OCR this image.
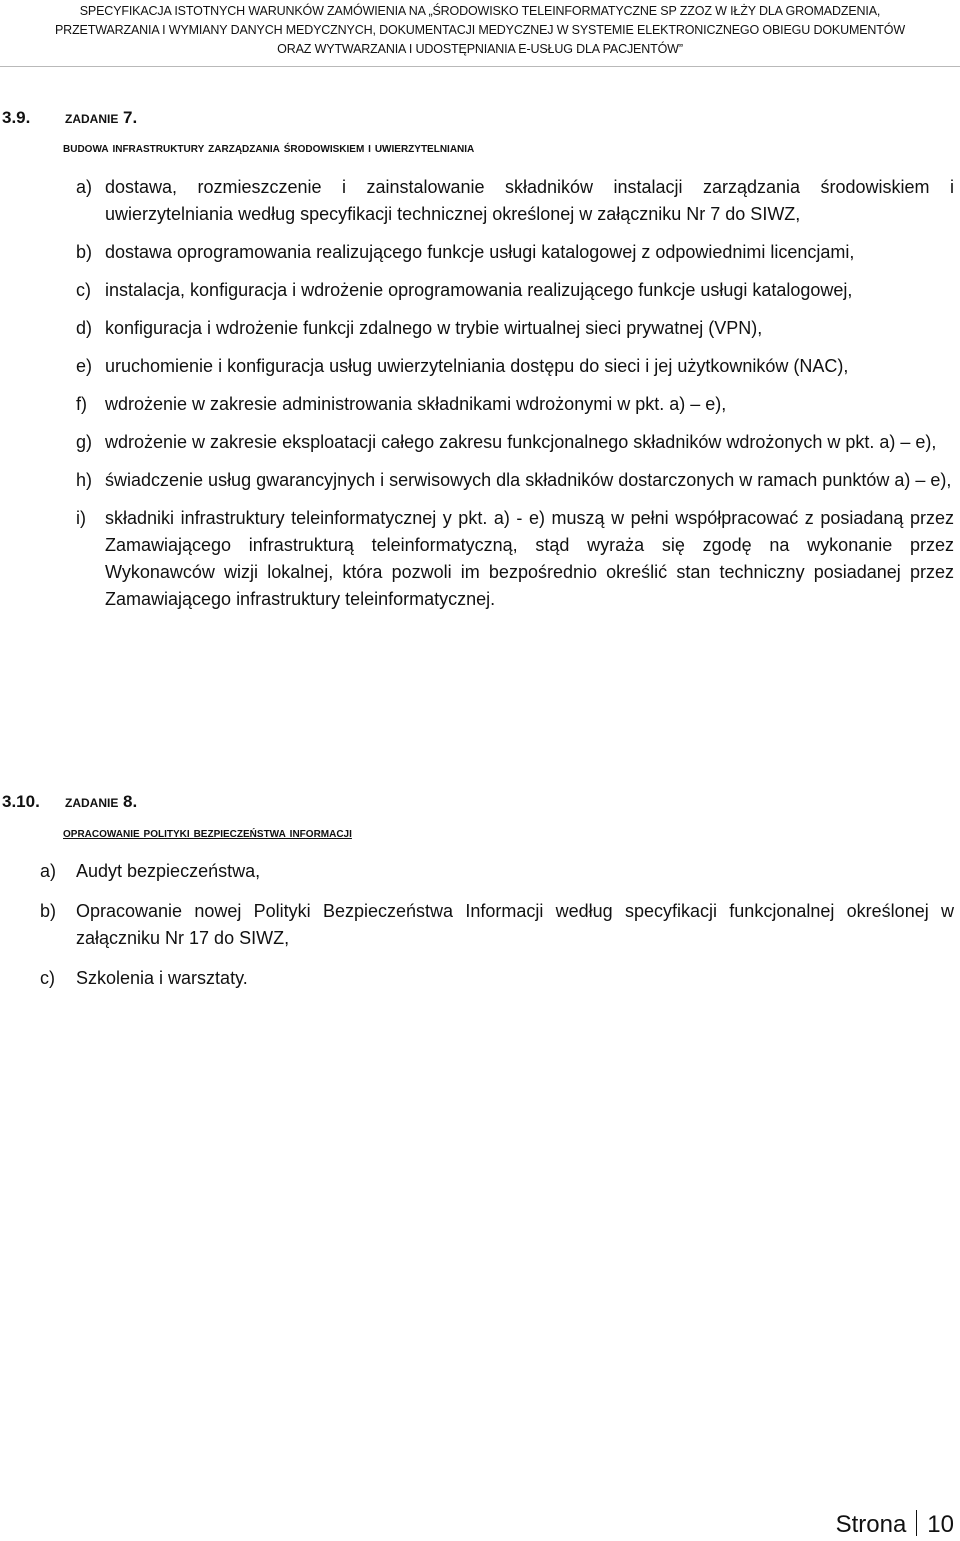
SPECYFIKACJA ISTOTNYCH WARUNKÓW ZAMÓWIENIA NA „ŚRODOWISKO TELEINFORMATYCZNE SP ZZOZ W IŁŻY DLA GROMADZENIA,
PRZETWARZANIA I WYMIANY DANYCH MEDYCZNYCH, DOKUMENTACJI MEDYCZNEJ W SYSTEMIE ELEKTRONICZNEGO OBIEGU DOKUMENTÓW
ORAZ WYTWARZANIA I UDOSTĘPNIANIA E-USŁUG DLA PACJENTÓW”
3.9. zadanie 7.
budowa infrastruktury zarządzania środowiskiem i uwierzytelniania
a) dostawa, rozmieszczenie i zainstalowanie składników instalacji zarządzania środowiskiem i uwierzytelniania według specyfikacji technicznej określonej w załączniku Nr 7 do SIWZ,
b) dostawa oprogramowania realizującego funkcje usługi katalogowej z odpowiednimi licencjami,
c) instalacja, konfiguracja i wdrożenie oprogramowania realizującego funkcje usługi katalogowej,
d) konfiguracja i wdrożenie funkcji zdalnego w trybie wirtualnej sieci prywatnej (VPN),
e) uruchomienie i konfiguracja usług uwierzytelniania dostępu do sieci i jej użytkowników (NAC),
f) wdrożenie w zakresie administrowania składnikami wdrożonymi w pkt. a) – e),
g) wdrożenie w zakresie eksploatacji całego zakresu funkcjonalnego składników wdrożonych w pkt. a) – e),
h) świadczenie usług gwarancyjnych i serwisowych dla składników dostarczonych w ramach punktów a) – e),
i) składniki infrastruktury teleinformatycznej y pkt. a) - e) muszą w pełni współpracować z posiadaną przez Zamawiającego infrastrukturą teleinformatyczną, stąd wyraża się zgodę na wykonanie przez Wykonawców wizji lokalnej, która pozwoli im bezpośrednio określić stan techniczny posiadanej przez Zamawiającego infrastruktury teleinformatycznej.
3.10. zadanie 8.
opracowanie polityki bezpieczeństwa informacji
a) Audyt bezpieczeństwa,
b) Opracowanie nowej Polityki Bezpieczeństwa Informacji według specyfikacji funkcjonalnej określonej w załączniku Nr 17 do SIWZ,
c) Szkolenia i warsztaty.
Strona 10
